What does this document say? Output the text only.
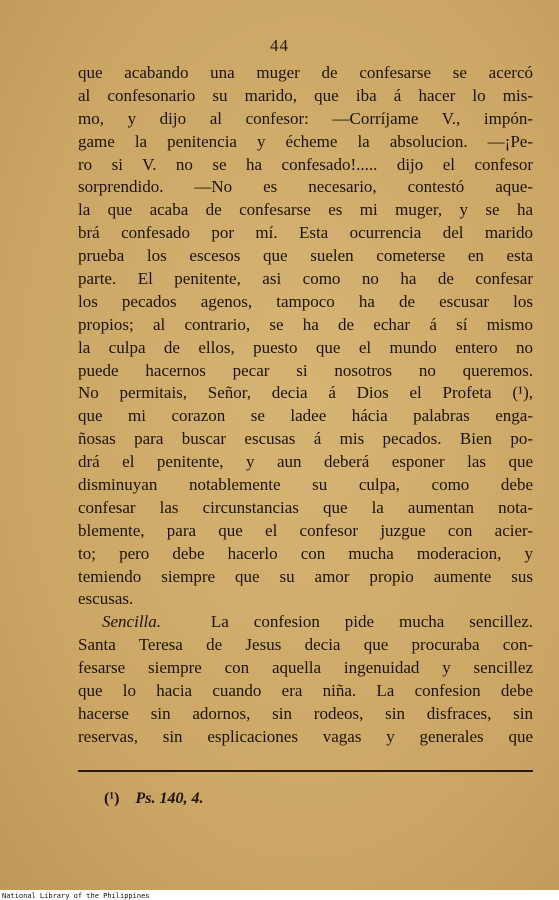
44
que acabando una muger de confesarse se acercó
al confesonario su marido, que iba á hacer lo mis-
mo, y dijo al confesor: —Corríjame V., impón-
game la penitencia y écheme la absolucion. —¡Pe-
ro si V. no se ha confesado!..... dijo el confesor
sorprendido. —No es necesario, contestó aque-
la que acaba de confesarse es mi muger, y se ha
brá confesado por mí. Esta ocurrencia del marido
prueba los escesos que suelen cometerse en esta
parte. El penitente, asi como no ha de confesar
los pecados agenos, tampoco ha de escusar los
propios; al contrario, se ha de echar á sí mismo
la culpa de ellos, puesto que el mundo entero no
puede hacernos pecar si nosotros no queremos.
No permitais, Señor, decia á Dios el Profeta (¹),
que mi corazon se ladee hácia palabras enga-
ñosas para buscar escusas á mis pecados. Bien po-
drá el penitente, y aun deberá esponer las que
disminuyan notablemente su culpa, como debe
confesar las circunstancias que la aumentan nota-
blemente, para que el confesor juzgue con acier-
to; pero debe hacerlo con mucha moderacion, y
temiendo siempre que su amor propio aumente sus
escusas.
Sencilla.	La confesion pide mucha sencillez.
Santa Teresa de Jesus decia que procuraba con-
fesarse siempre con aquella ingenuidad y sencillez
que lo hacia cuando era niña. La confesion debe
hacerse sin adornos, sin rodeos, sin disfraces, sin
reservas, sin esplicaciones vagas y generales que
(¹) Ps. 140, 4.
National Library of the Philippines
